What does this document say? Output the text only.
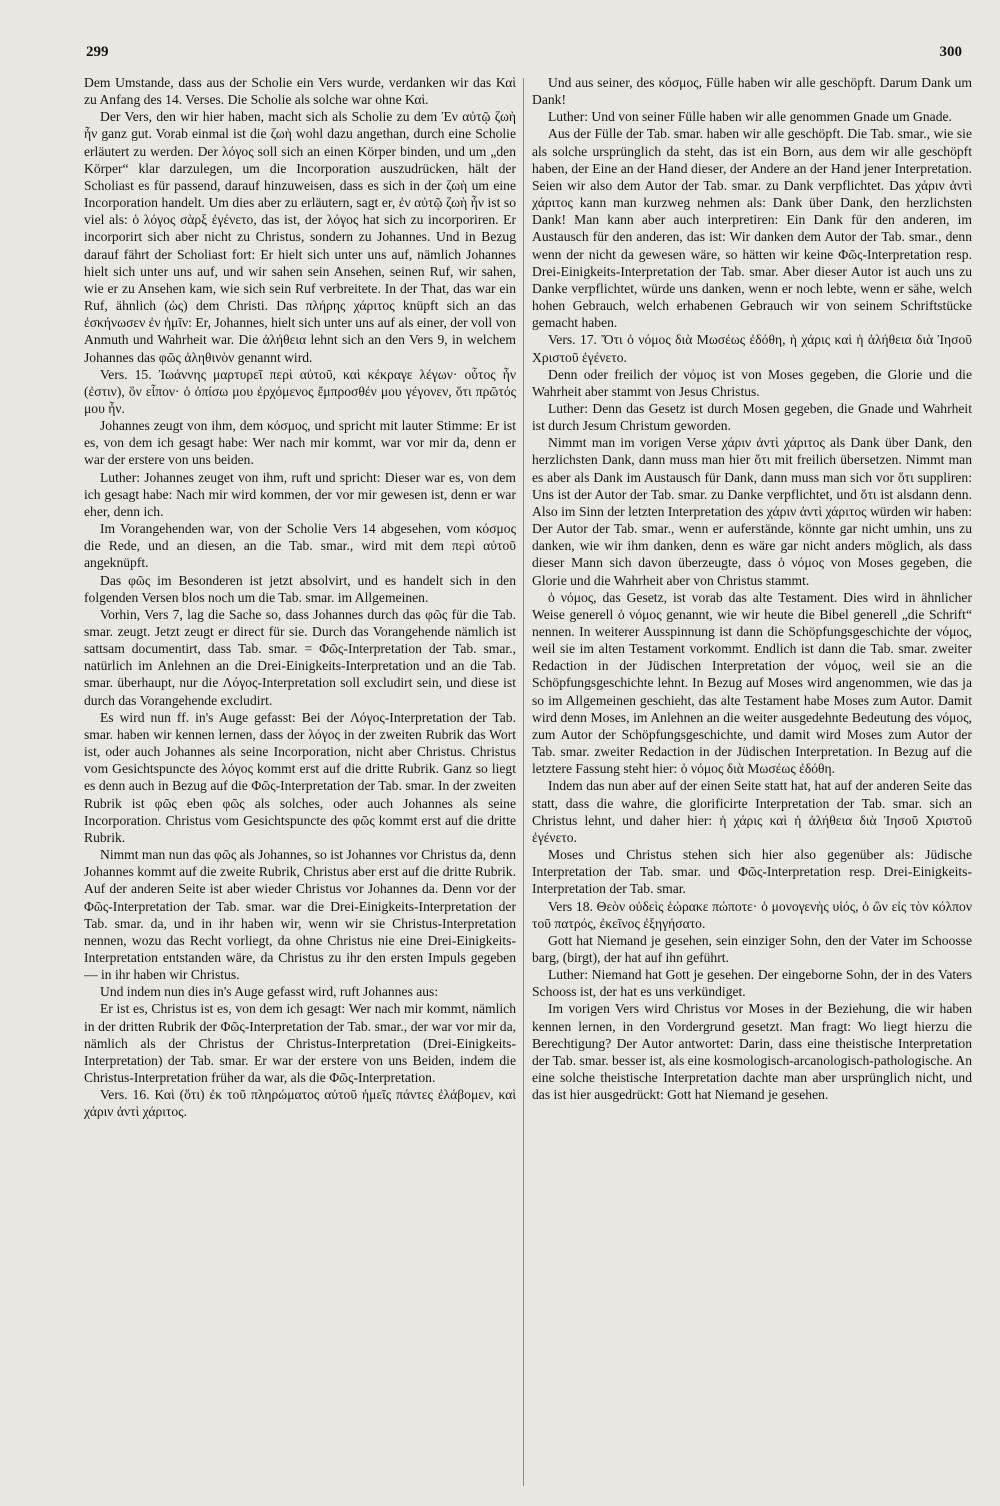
299	300

Dem Umstande, dass aus der Scholie ein Vers wurde, verdanken wir das Καὶ zu Anfang des 14. Verses. Die Scholie als solche war ohne Καὶ.

Der Vers, den wir hier haben, macht sich als Scholie zu dem Ἐν αὐτῷ ζωὴ ἦν ganz gut. Vorab einmal ist die ζωὴ wohl dazu angethan, durch eine Scholie erläutert zu werden. Der λόγος soll sich an einen Körper binden, und um „den Körper“ klar darzulegen, um die Incorporation auszudrücken, hält der Scholiast es für passend, darauf hinzuweisen, dass es sich in der ζωὴ um eine Incorporation handelt. Um dies aber zu erläutern, sagt er, ἐν αὐτῷ ζωὴ ἦν ist so viel als: ὁ λόγος σὰρξ ἐγένετο, das ist, der λόγος hat sich zu incorporiren. Er incorporirt sich aber nicht zu Christus, sondern zu Johannes. Und in Bezug darauf fährt der Scholiast fort: Er hielt sich unter uns auf, nämlich Johannes hielt sich unter uns auf, und wir sahen sein Ansehen, seinen Ruf, wir sahen, wie er zu Ansehen kam, wie sich sein Ruf verbreitete. In der That, das war ein Ruf, ähnlich (ὡς) dem Christi. Das πλήρης χάριτος knüpft sich an das ἐσκήνωσεν ἐν ἡμῖν: Er, Johannes, hielt sich unter uns auf als einer, der voll von Anmuth und Wahrheit war. Die ἀλήθεια lehnt sich an den Vers 9, in welchem Johannes das φῶς ἀληθινὸν genannt wird.

Vers. 15. Ἰωάννης μαρτυρεῖ περὶ αὐτοῦ, καὶ κέκραγε λέγων· οὗτος ἦν (ἐστιν), ὃν εἶπον· ὁ ὀπίσω μου ἐρχόμενος ἔμπροσθέν μου γέγονεν, ὅτι πρῶτός μου ἦν.

Johannes zeugt von ihm, dem κόσμος, und spricht mit lauter Stimme: Er ist es, von dem ich gesagt habe: Wer nach mir kommt, war vor mir da, denn er war der erstere von uns beiden.

Luther: Johannes zeuget von ihm, ruft und spricht: Dieser war es, von dem ich gesagt habe: Nach mir wird kommen, der vor mir gewesen ist, denn er war eher, denn ich.

Im Vorangehenden war, von der Scholie Vers 14 abgesehen, vom κόσμος die Rede, und an diesen, an die Tab. smar., wird mit dem περὶ αὐτοῦ angeknüpft.

Das φῶς im Besonderen ist jetzt absolvirt, und es handelt sich in den folgenden Versen blos noch um die Tab. smar. im Allgemeinen.

Vorhin, Vers 7, lag die Sache so, dass Johannes durch das φῶς für die Tab. smar. zeugt. Jetzt zeugt er direct für sie. Durch das Vorangehende nämlich ist sattsam documentirt, dass Tab. smar. = Φῶς-Interpretation der Tab. smar., natürlich im Anlehnen an die Drei-Einigkeits-Interpretation und an die Tab. smar. überhaupt, nur die Λόγος-Interpretation soll excludirt sein, und diese ist durch das Vorangehende excludirt.

Es wird nun ff. in's Auge gefasst: Bei der Λόγος-Interpretation der Tab. smar. haben wir kennen lernen, dass der λόγος in der zweiten Rubrik das Wort ist, oder auch Johannes als seine Incorporation, nicht aber Christus. Christus vom Gesichtspuncte des λόγος kommt erst auf die dritte Rubrik. Ganz so liegt es denn auch in Bezug auf die Φῶς-Interpretation der Tab. smar. In der zweiten Rubrik ist φῶς eben φῶς als solches, oder auch Johannes als seine Incorporation. Christus vom Gesichtspuncte des φῶς kommt erst auf die dritte Rubrik.

Nimmt man nun das φῶς als Johannes, so ist Johannes vor Christus da, denn Johannes kommt auf die zweite Rubrik, Christus aber erst auf die dritte Rubrik. Auf der anderen Seite ist aber wieder Christus vor Johannes da. Denn vor der Φῶς-Interpretation der Tab. smar. war die Drei-Einigkeits-Interpretation der Tab. smar. da, und in ihr haben wir, wenn wir sie Christus-Interpretation nennen, wozu das Recht vorliegt, da ohne Christus nie eine Drei-Einigkeits-Interpretation entstanden wäre, da Christus zu ihr den ersten Impuls gegeben — in ihr haben wir Christus.

Und indem nun dies in's Auge gefasst wird, ruft Johannes aus:

Er ist es, Christus ist es, von dem ich gesagt: Wer nach mir kommt, nämlich in der dritten Rubrik der Φῶς-Interpretation der Tab. smar., der war vor mir da, nämlich als der Christus der Christus-Interpretation (Drei-Einigkeits-Interpretation) der Tab. smar. Er war der erstere von uns Beiden, indem die Christus-Interpretation früher da war, als die Φῶς-Interpretation.

Vers. 16. Καὶ (ὅτι) ἐκ τοῦ πληρώματος αὐτοῦ ἡμεῖς πάντες ἐλάβομεν, καὶ χάριν ἀντὶ χάριτος.

Und aus seiner, des κόσμος, Fülle haben wir alle geschöpft. Darum Dank um Dank!

Luther: Und von seiner Fülle haben wir alle genommen Gnade um Gnade.

Aus der Fülle der Tab. smar. haben wir alle geschöpft. Die Tab. smar., wie sie als solche ursprünglich da steht, das ist ein Born, aus dem wir alle geschöpft haben, der Eine an der Hand dieser, der Andere an der Hand jener Interpretation. Seien wir also dem Autor der Tab. smar. zu Dank verpflichtet. Das χάριν ἀντὶ χάριτος kann man kurzweg nehmen als: Dank über Dank, den herzlichsten Dank! Man kann aber auch interpretiren: Ein Dank für den anderen, im Austausch für den anderen, das ist: Wir danken dem Autor der Tab. smar., denn wenn der nicht da gewesen wäre, so hätten wir keine Φῶς-Interpretation resp. Drei-Einigkeits-Interpretation der Tab. smar. Aber dieser Autor ist auch uns zu Danke verpflichtet, würde uns danken, wenn er noch lebte, wenn er sähe, welch hohen Gebrauch, welch erhabenen Gebrauch wir von seinem Schriftstücke gemacht haben.

Vers. 17. Ὅτι ὁ νόμος διὰ Μωσέως ἐδόθη, ἡ χάρις καὶ ἡ ἀλήθεια διὰ Ἰησοῦ Χριστοῦ ἐγένετο.

Denn oder freilich der νόμος ist von Moses gegeben, die Glorie und die Wahrheit aber stammt von Jesus Christus.

Luther: Denn das Gesetz ist durch Mosen gegeben, die Gnade und Wahrheit ist durch Jesum Christum geworden.

Nimmt man im vorigen Verse χάριν ἀντὶ χάριτος als Dank über Dank, den herzlichsten Dank, dann muss man hier ὅτι mit freilich übersetzen. Nimmt man es aber als Dank im Austausch für Dank, dann muss man sich vor ὅτι suppliren: Uns ist der Autor der Tab. smar. zu Danke verpflichtet, und ὅτι ist alsdann denn. Also im Sinn der letzten Interpretation des χάριν ἀντὶ χάριτος würden wir haben: Der Autor der Tab. smar., wenn er auferstände, könnte gar nicht umhin, uns zu danken, wie wir ihm danken, denn es wäre gar nicht anders möglich, als dass dieser Mann sich davon überzeugte, dass ὁ νόμος von Moses gegeben, die Glorie und die Wahrheit aber von Christus stammt.

ὁ νόμος, das Gesetz, ist vorab das alte Testament. Dies wird in ähnlicher Weise generell ὁ νόμος genannt, wie wir heute die Bibel generell „die Schrift“ nennen. In weiterer Ausspinnung ist dann die Schöpfungsgeschichte der νόμος, weil sie im alten Testament vorkommt. Endlich ist dann die Tab. smar. zweiter Redaction in der Jüdischen Interpretation der νόμος, weil sie an die Schöpfungsgeschichte lehnt. In Bezug auf Moses wird angenommen, wie das ja so im Allgemeinen geschieht, das alte Testament habe Moses zum Autor. Damit wird denn Moses, im Anlehnen an die weiter ausgedehnte Bedeutung des νόμος, zum Autor der Schöpfungsgeschichte, und damit wird Moses zum Autor der Tab. smar. zweiter Redaction in der Jüdischen Interpretation. In Bezug auf die letztere Fassung steht hier: ὁ νόμος διὰ Μωσέως ἐδόθη.

Indem das nun aber auf der einen Seite statt hat, hat auf der anderen Seite das statt, dass die wahre, die glorificirte Interpretation der Tab. smar. sich an Christus lehnt, und daher hier: ἡ χάρις καὶ ἡ ἀλήθεια διὰ Ἰησοῦ Χριστοῦ ἐγένετο.

Moses und Christus stehen sich hier also gegenüber als: Jüdische Interpretation der Tab. smar. und Φῶς-Interpretation resp. Drei-Einigkeits-Interpretation der Tab. smar.

Vers 18. Θεὸν οὐδεὶς ἑώρακε πώποτε· ὁ μονογενὴς υἱός, ὁ ὢν εἰς τὸν κόλπον τοῦ πατρός, ἐκεῖνος ἐξηγήσατο.

Gott hat Niemand je gesehen, sein einziger Sohn, den der Vater im Schoosse barg, (birgt), der hat auf ihn geführt.

Luther: Niemand hat Gott je gesehen. Der eingeborne Sohn, der in des Vaters Schooss ist, der hat es uns verkündiget.

Im vorigen Vers wird Christus vor Moses in der Beziehung, die wir haben kennen lernen, in den Vordergrund gesetzt. Man fragt: Wo liegt hierzu die Berechtigung? Der Autor antwortet: Darin, dass eine theistische Interpretation der Tab. smar. besser ist, als eine kosmologisch-arcanologisch-pathologische. An eine solche theistische Interpretation dachte man aber ursprünglich nicht, und das ist hier ausgedrückt: Gott hat Niemand je gesehen.
